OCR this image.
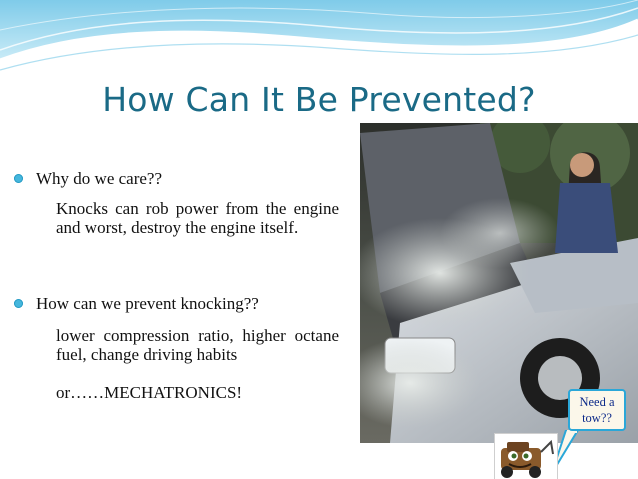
How Can It Be Prevented?
Why do we care??
Knocks can rob power from the engine and worst, destroy the engine itself.
How can we prevent knocking??
lower compression ratio, higher octane fuel, change driving habits
or……MECHATRONICS!	Need a
tow??
